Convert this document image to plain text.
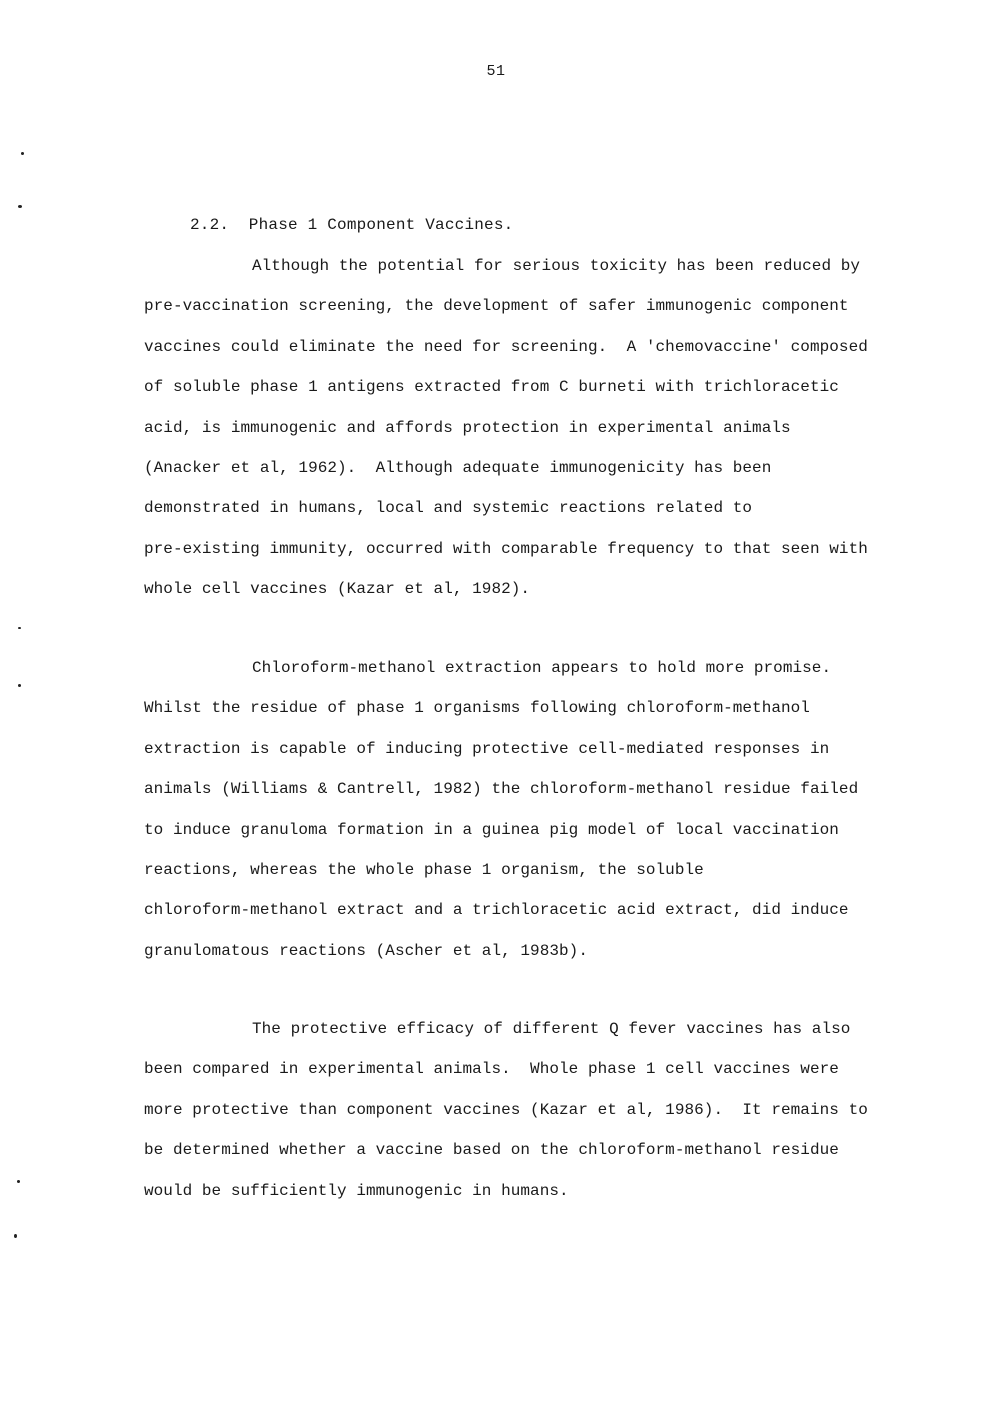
51
2.2.  Phase 1 Component Vaccines.
Although the potential for serious toxicity has been reduced by
pre-vaccination screening, the development of safer immunogenic component
vaccines could eliminate the need for screening.  A 'chemovaccine' composed
of soluble phase 1 antigens extracted from C burneti with trichloracetic
acid, is immunogenic and affords protection in experimental animals
(Anacker et al, 1962).  Although adequate immunogenicity has been
demonstrated in humans, local and systemic reactions related to
pre-existing immunity, occurred with comparable frequency to that seen with
whole cell vaccines (Kazar et al, 1982).
Chloroform-methanol extraction appears to hold more promise.
Whilst the residue of phase 1 organisms following chloroform-methanol
extraction is capable of inducing protective cell-mediated responses in
animals (Williams & Cantrell, 1982) the chloroform-methanol residue failed
to induce granuloma formation in a guinea pig model of local vaccination
reactions, whereas the whole phase 1 organism, the soluble
chloroform-methanol extract and a trichloracetic acid extract, did induce
granulomatous reactions (Ascher et al, 1983b).
The protective efficacy of different Q fever vaccines has also
been compared in experimental animals.  Whole phase 1 cell vaccines were
more protective than component vaccines (Kazar et al, 1986).  It remains to
be determined whether a vaccine based on the chloroform-methanol residue
would be sufficiently immunogenic in humans.
